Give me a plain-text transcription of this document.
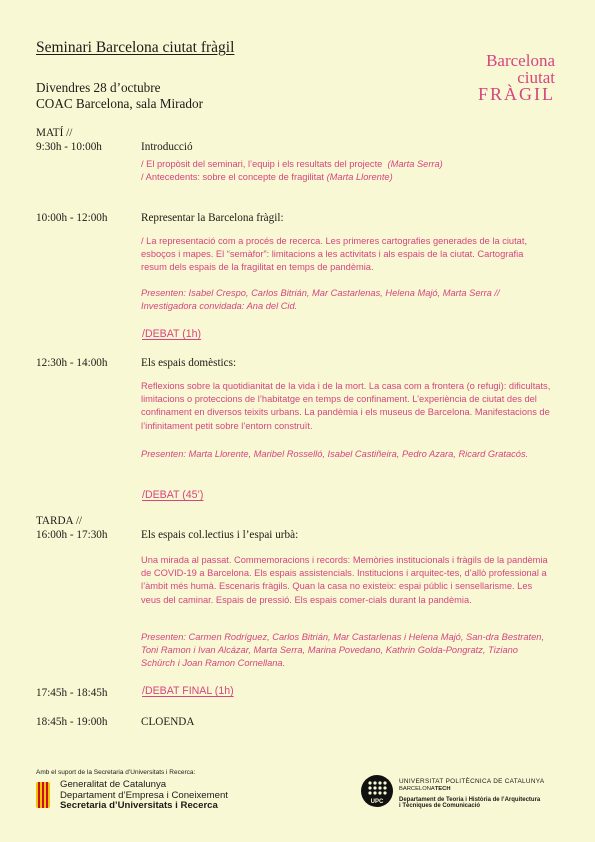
Seminari Barcelona ciutat fràgil
Divendres 28 d’octubre
COAC Barcelona, sala Mirador
Barcelona
ciutat
FRÀGIL
MATÍ //
9:30h - 10:00h	Introducció
/ El propòsit del seminari, l’equip i els resultats del projecte (Marta Serra)
/ Antecedents: sobre el concepte de fragilitat (Marta Llorente)
10:00h - 12:00h	Representar la Barcelona fràgil:
/ La representació com a procés de recerca. Les primeres cartografies generades de la ciutat, esboços i mapes. El “semàfor”: limitacions a les activitats i als espais de la ciutat. Cartografia resum dels espais de la fragilitat en temps de pandèmia.
Presenten: Isabel Crespo, Carlos Bitrián, Mar Castarlenas, Helena Majó, Marta Serra // Investigadora convidada: Ana del Cid.
/DEBAT (1h)
12:30h - 14:00h	Els espais domèstics:
Reflexions sobre la quotidianitat de la vida i de la mort. La casa com a frontera (o refugi): dificultats, limitacions o proteccions de l’habitatge en temps de confinament. L’experiència de ciutat des del confinament en diversos teixits urbans. La pandèmia i els museus de Barcelona. Manifestacions de l’infinitament petit sobre l’entorn construït.
Presenten: Marta Llorente, Maribel Rosselló, Isabel Castiñeira, Pedro Azara, Ricard Gratacós.
/DEBAT (45’)
TARDA //
16:00h - 17:30h	Els espais col.lectius i l’espai urbà:
Una mirada al passat. Commemoracions i records: Memòries institucionals i fràgils de la pandèmia de COVID-19 a Barcelona. Els espais assistencials. Institucions i arquitec-tes, d’allò professional a l’àmbit més humà. Escenaris fràgils. Quan la casa no existeix: espai públic i sensellarisme. Les veus del caminar. Espais de pressió. Els espais comer-cials durant la pandèmia.
Presenten: Carmen Rodríguez, Carlos Bitrián, Mar Castarlenas i Helena Majó, San-dra Bestraten, Toni Ramon i Ivan Alcázar, Marta Serra, Marina Povedano, Kathrin Golda-Pongratz, Tiziano Schürch i Joan Ramon Cornellana.
17:45h - 18:45h	/DEBAT FINAL (1h)
18:45h - 19:00h	CLOENDA
Amb el suport de la Secretaria d’Universitats i Recerca:
Generalitat de Catalunya
Departament d’Empresa i Coneixement
Secretaria d’Universitats i Recerca	UPC
UNIVERSITAT POLITÈCNICA DE CATALUNYA
BARCELONATECH
Departament de Teoria i Història de l’Arquitectura
i Tècniques de Comunicació
